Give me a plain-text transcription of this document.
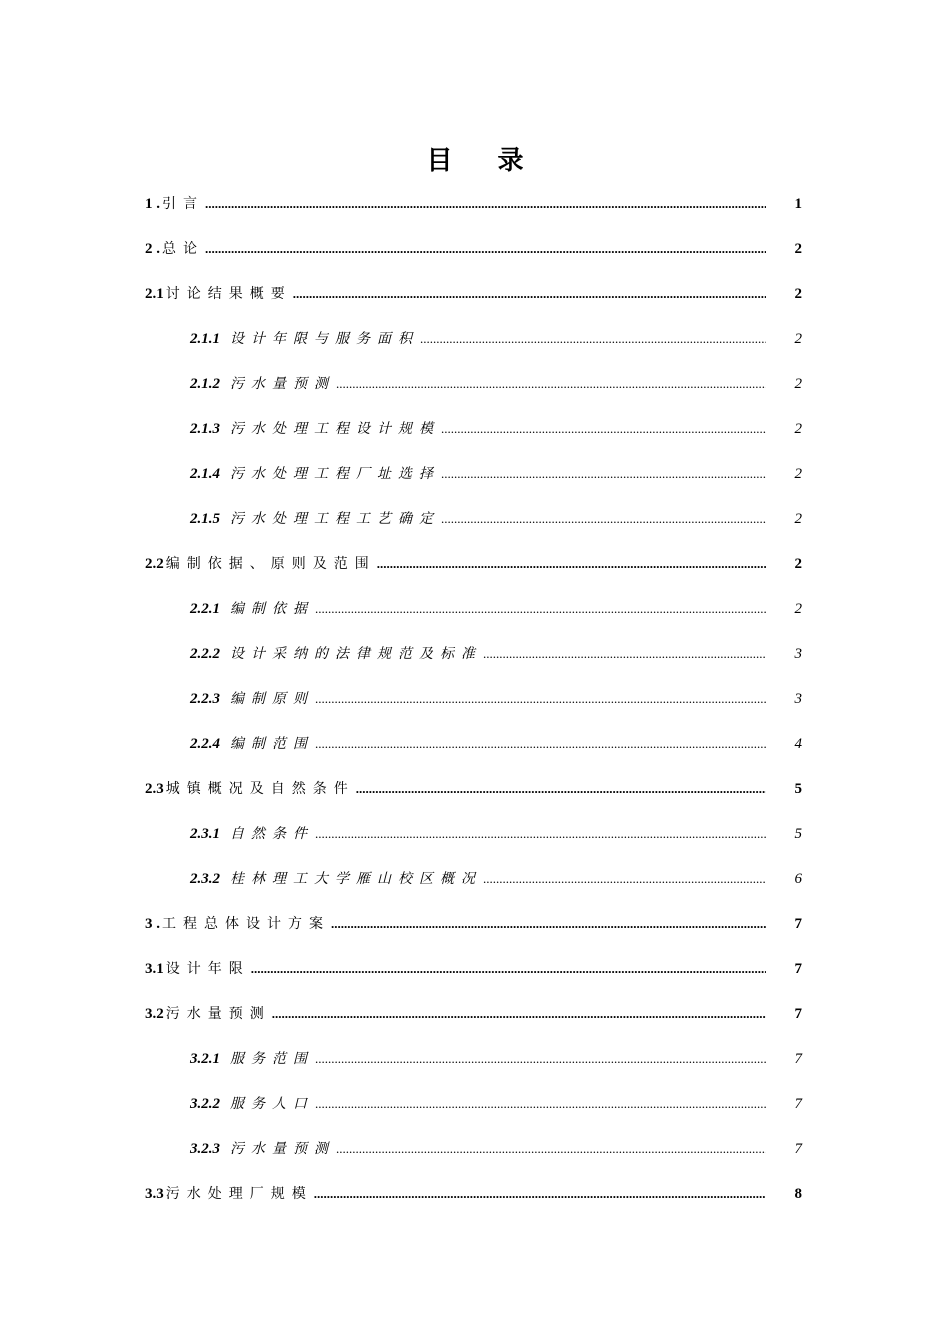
目 录
1 . 引言 .....	1
2 . 总论 .....	2
2.1 讨论结果概要 .....	2
2.1.1 设计年限与服务面积 .....	2
2.1.2 污水量预测 .....	2
2.1.3 污水处理工程设计规模 .....	2
2.1.4 污水处理工程厂址选择 .....	2
2.1.5 污水处理工程工艺确定 .....	2
2.2 编制依据、原则及范围 .....	2
2.2.1 编制依据 .....	2
2.2.2 设计采纳的法律规范及标准 .....	3
2.2.3 编制原则 .....	3
2.2.4 编制范围 .....	4
2.3 城镇概况及自然条件 .....	5
2.3.1 自然条件 .....	5
2.3.2 桂林理工大学雁山校区概况 .....	6
3 . 工程总体设计方案 .....	7
3.1 设计年限 .....	7
3.2 污水量预测 .....	7
3.2.1 服务范围 .....	7
3.2.2 服务人口 .....	7
3.2.3 污水量预测 .....	7
3.3 污水处理厂规模 .....	8
